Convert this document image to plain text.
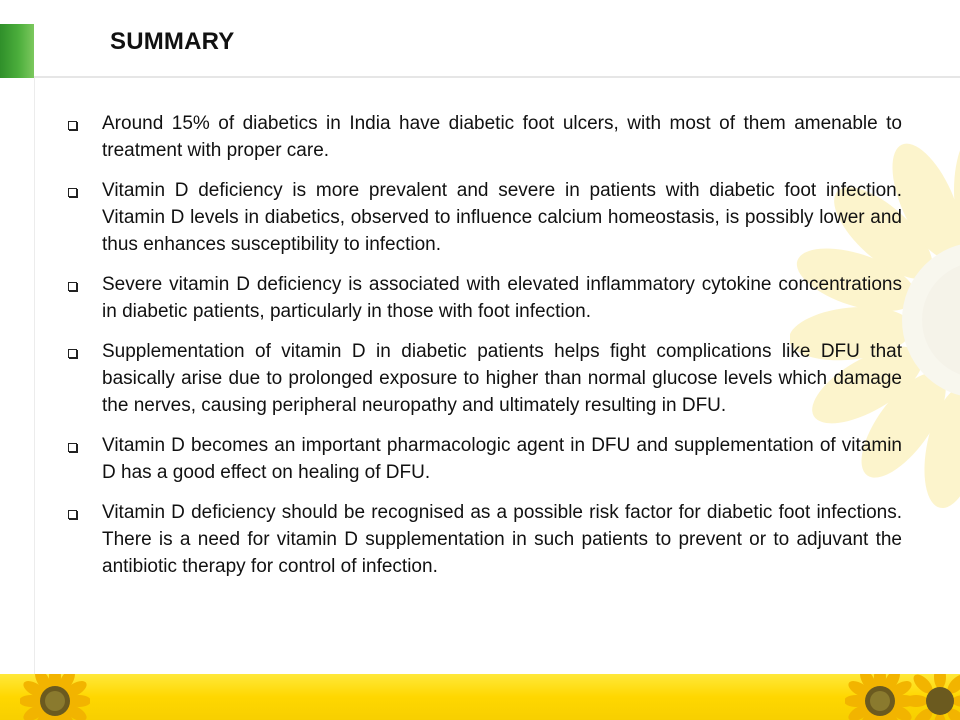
SUMMARY
Around 15% of diabetics in India have diabetic foot ulcers, with most of them amenable to treatment with proper care.
Vitamin D deficiency is more prevalent and severe in patients with diabetic foot infection. Vitamin D levels in diabetics, observed to influence calcium homeostasis, is possibly lower and thus enhances susceptibility to infection.
Severe vitamin D deficiency is associated with elevated inflammatory cytokine concentrations in diabetic patients, particularly in those with foot infection.
Supplementation of vitamin D in diabetic patients helps fight complications like DFU that basically arise due to prolonged exposure to higher than normal glucose levels which damage the nerves, causing peripheral neuropathy and ultimately resulting in DFU.
Vitamin D becomes an important pharmacologic agent in DFU and supplementation of vitamin D has a good effect on healing of DFU.
Vitamin D deficiency should be recognised as a possible risk factor for diabetic foot infections. There is a need for vitamin D supplementation in such patients to prevent or to adjuvant the antibiotic therapy for control of infection.
